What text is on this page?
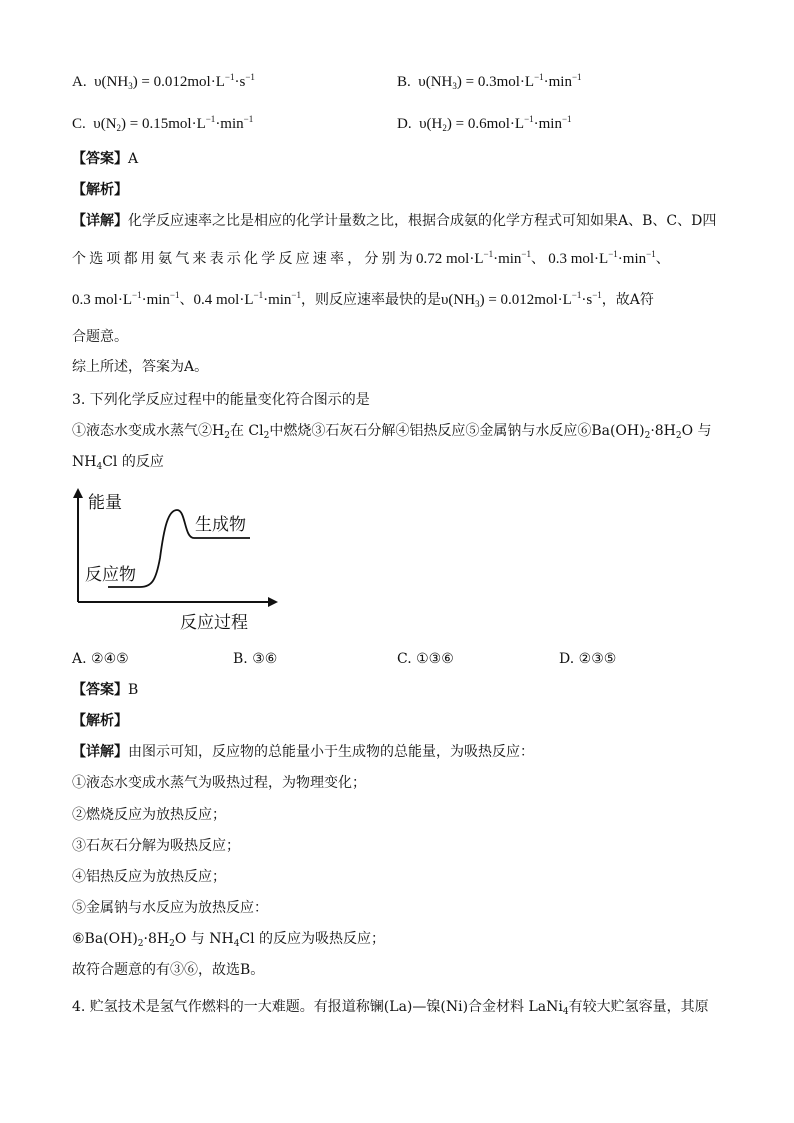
A. $\upsilon(NH_3) = 0.012mol\cdot L^{-1}\cdot s^{-1}$	B. $\upsilon(NH_3) = 0.3mol\cdot L^{-1}\cdot\min^{-1}$
C. $\upsilon(N_2) = 0.15mol\cdot L^{-1}\cdot\min^{-1}$	D. $\upsilon(H_2) = 0.6mol\cdot L^{-1}\cdot\min^{-1}$
【答案】A
【解析】
【详解】化学反应速率之比是相应的化学计量数之比，根据合成氨的化学方程式可知如果A、B、C、D四
个选项都用氨气来表示化学反应速率，分别为0.72 $mol\cdot L^{-1}\cdot\min^{-1}$、0.3 $mol\cdot L^{-1}\cdot\min^{-1}$、
0.3 $mol\cdot L^{-1}\cdot\min^{-1}$、0.4 $mol\cdot L^{-1}\cdot\min^{-1}$，则反应速率最快的是$\upsilon(NH_3) = 0.012mol\cdot L^{-1}\cdot s^{-1}$，故A符
合题意。
综上所述，答案为A。
3. 下列化学反应过程中的能量变化符合图示的是
①液态水变成水蒸气$②H_2$在 $Cl_2$中燃烧③石灰石分解④铝热反应⑤金属钠与水反应$⑥Ba(OH)_2\cdot 8H_2O$ 与
$NH_4Cl$ 的反应
能量
生成物
反应物
反应过程
A. ②④⑤	B. ③⑥	C. ①③⑥	D. ②③⑤
【答案】B
【解析】
【详解】由图示可知，反应物的总能量小于生成物的总能量，为吸热反应：
①液态水变成水蒸气为吸热过程，为物理变化；
②燃烧反应为放热反应；
③石灰石分解为吸热反应；
④铝热反应为放热反应；
⑤金属钠与水反应为放热反应：
$⑥Ba(OH)_2\cdot 8H_2O$ 与 $NH_4Cl$ 的反应为吸热反应；
故符合题意的有③⑥，故选B。
4. 贮氢技术是氢气作燃料的一大难题。有报道称镧(La)—镍(Ni)合金材料 LaNi$_4$有较大贮氢容量，其原
